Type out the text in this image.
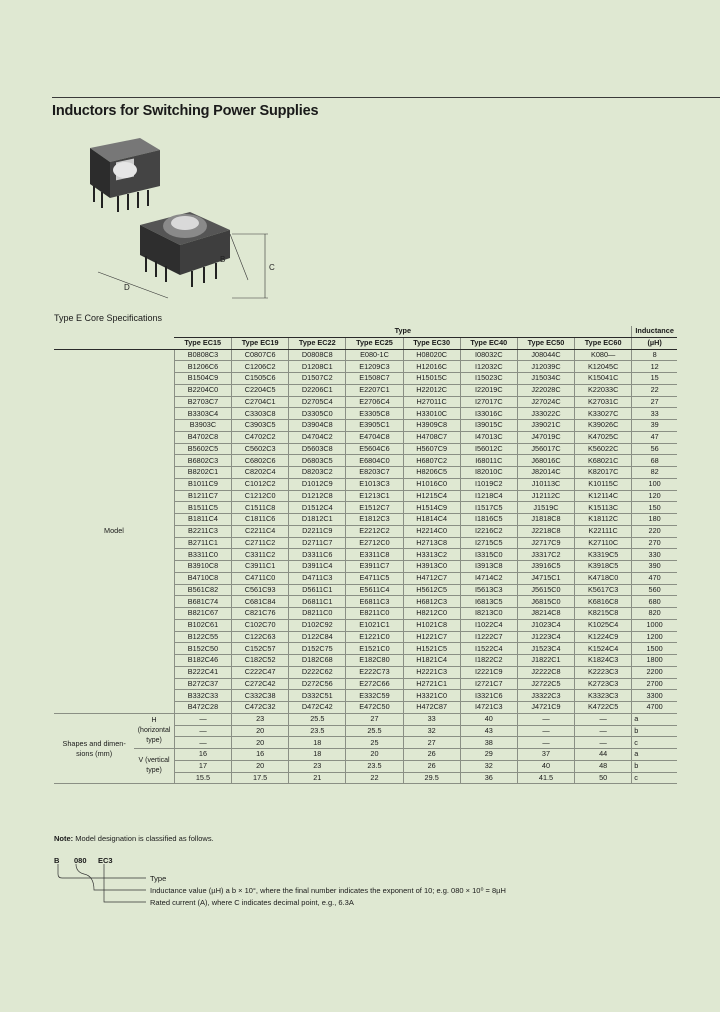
Inductors for Switching Power Supplies
B
C
D
Type E Core Specifications
		Type								Inductance
		Type EC15	Type EC19	Type EC22	Type EC25	Type EC30	Type EC40	Type EC50	Type EC60	(µH)
Model		B0808C3	C0807C6	D0808C8	E080-1C	H08020C	I08032C	J08044C	K080—	8
		B1206C6	C1206C2	D1208C1	E1209C3	H12016C	I12032C	J12039C	K12045C	12
		B1504C9	C1505C6	D1507C2	E1508C7	H15015C	I15023C	J15034C	K15041C	15
		B2204C0	C2204C5	D2206C1	E2207C1	H22012C	I22019C	J22028C	K22033C	22
		B2703C7	C2704C1	D2705C4	E2706C4	H27011C	I27017C	J27024C	K27031C	27
		B3303C4	C3303C8	D3305C0	E3305C8	H33010C	I33016C	J33022C	K33027C	33
		B3903C	C3903C5	D3904C8	E3905C1	H3909C8	I39015C	J39021C	K39026C	39
		B4702C8	C4702C2	D4704C2	E4704C8	H4708C7	I47013C	J47019C	K47025C	47
		B5602C5	C5602C3	D5603C8	E5604C6	H5607C9	I56012C	J56017C	K56022C	56
		B6802C3	C6802C6	D6803C5	E6804C0	H6807C2	I68011C	J68016C	K68021C	68
		B8202C1	C8202C4	D8203C2	E8203C7	H8206C5	I82010C	J82014C	K82017C	82
		B1011C9	C1012C2	D1012C9	E1013C3	H1016C0	I1019C2	J10113C	K10115C	100
		B1211C7	C1212C0	D1212C8	E1213C1	H1215C4	I1218C4	J12112C	K12114C	120
		B1511C5	C1511C8	D1512C4	E1512C7	H1514C9	I1517C5	J1519C	K15113C	150
		B1811C4	C1811C6	D1812C1	E1812C3	H1814C4	I1816C5	J1818C8	K18112C	180
		B2211C3	C2211C4	D2211C9	E2212C2	H2214C0	I2216C2	J2218C8	K22111C	220
		B2711C1	C2711C2	D2711C7	E2712C0	H2713C8	I2715C5	J2717C9	K27110C	270
		B3311C0	C3311C2	D3311C6	E3311C8	H3313C2	I3315C0	J3317C2	K3319C5	330
		B3910C8	C3911C1	D3911C4	E3911C7	H3913C0	I3913C8	J3916C5	K3918C5	390
		B4710C8	C4711C0	D4711C3	E4711C5	H4712C7	I4714C2	J4715C1	K4718C0	470
		B561C82	C561C93	D5611C1	E5611C4	H5612C5	I5613C3	J5615C0	K5617C3	560
		B681C74	C681C84	D6811C1	E6811C3	H6812C3	I6813C5	J6815C0	K6816C8	680
		B821C67	C821C76	D8211C0	E8211C0	H8212C0	I8213C0	J8214C8	K8215C8	820
		B102C61	C102C70	D102C92	E1021C1	H1021C8	I1022C4	J1023C4	K1025C4	1000
		B122C55	C122C63	D122C84	E1221C0	H1221C7	I1222C7	J1223C4	K1224C9	1200
		B152C50	C152C57	D152C75	E1521C0	H1521C5	I1522C4	J1523C4	K1524C4	1500
		B182C46	C182C52	D182C68	E182C80	H1821C4	I1822C2	J1822C1	K1824C3	1800
		B222C41	C222C47	D222C62	E222C73	H2221C3	I2221C9	J2222C8	K2223C3	2200
		B272C37	C272C42	D272C56	E272C66	H2721C1	I2721C7	J2722C5	K2723C3	2700
		B332C33	C332C38	D332C51	E332C59	H3321C0	I3321C6	J3322C3	K3323C3	3300
		B472C28	C472C32	D472C42	E472C50	H472C87	I4721C3	J4721C9	K4722C5	4700
Shapes and dimen- sions (mm)	H (horizontal type)	—	23	25.5	27	33	40	—	—	a
		—	20	23.5	25.5	32	43	—	—	b
		—	20	18	25	27	38	—	—	c
	V (vertical type)	16	16	18	20	26	29	37	44	a
		17	20	23	23.5	26	32	40	48	b
		15.5	17.5	21	22	29.5	36	41.5	50	c
Note: Model designation is classified as follows.
B 080 EC3
Type
Inductance value (µH) a b × 10°, where the final number indicates the exponent of 10; e.g. 080 × 10⁰ = 8µH
Rated current (A), where C indicates decimal point, e.g., 6.3A
